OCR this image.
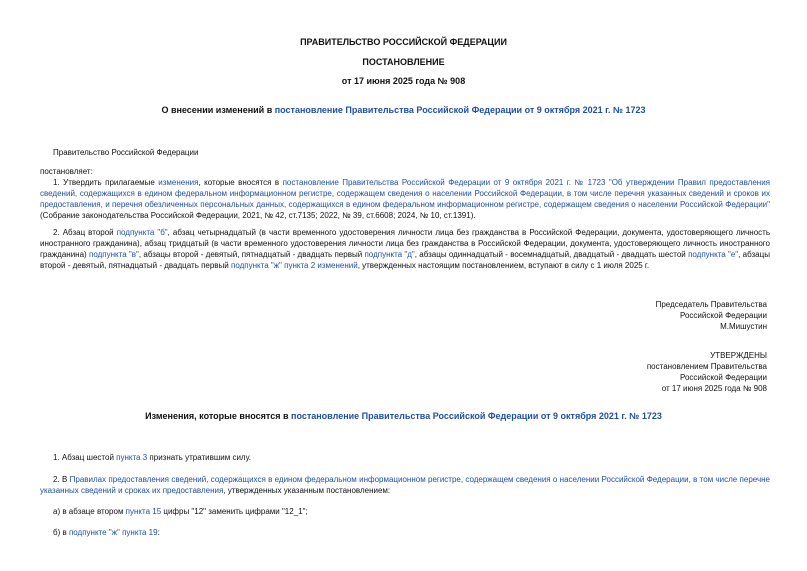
ПРАВИТЕЛЬСТВО РОССИЙСКОЙ ФЕДЕРАЦИИ
ПОСТАНОВЛЕНИЕ
от 17 июня 2025 года № 908
О внесении изменений в постановление Правительства Российской Федерации от 9 октября 2021 г. № 1723
Правительство Российской Федерации
постановляет:
1. Утвердить прилагаемые изменения, которые вносятся в постановление Правительства Российской Федерации от 9 октября 2021 г. № 1723 "Об утверждении Правил предоставления сведений, содержащихся в едином федеральном информационном регистре, содержащем сведения о населении Российской Федерации, в том числе перечня указанных сведений и сроков их предоставления, и перечня обезличенных персональных данных, содержащихся в едином федеральном информационном регистре, содержащем сведения о населении Российской Федерации" (Собрание законодательства Российской Федерации, 2021, № 42, ст.7135; 2022, № 39, ст.6608; 2024, № 10, ст.1391).
2. Абзац второй подпункта "б", абзац четырнадцатый (в части временного удостоверения личности лица без гражданства в Российской Федерации, документа, удостоверяющего личность иностранного гражданина), абзац тридцатый (в части временного удостоверения личности лица без гражданства в Российской Федерации, документа, удостоверяющего личность иностранного гражданина) подпункта "в", абзацы второй - девятый, пятнадцатый - двадцать первый подпункта "д", абзацы одиннадцатый - восемнадцатый, двадцатый - двадцать шестой подпункта "е", абзацы второй - девятый, пятнадцатый - двадцать первый подпункта "ж" пункта 2 изменений, утвержденных настоящим постановлением, вступают в силу с 1 июля 2025 г.
Председатель Правительства
Российской Федерации
М.Мишустин
УТВЕРЖДЕНЫ
постановлением Правительства
Российской Федерации
от 17 июня 2025 года № 908
Изменения, которые вносятся в постановление Правительства Российской Федерации от 9 октября 2021 г. № 1723
1. Абзац шестой пункта 3 признать утратившим силу.
2. В Правилах предоставления сведений, содержащихся в едином федеральном информационном регистре, содержащем сведения о населении Российской Федерации, в том числе перечне указанных сведений и сроках их предоставления, утвержденных указанным постановлением:
а) в абзаце втором пункта 15 цифры "12" заменить цифрами "12_1";
б) в подпункте "ж" пункта 19:
